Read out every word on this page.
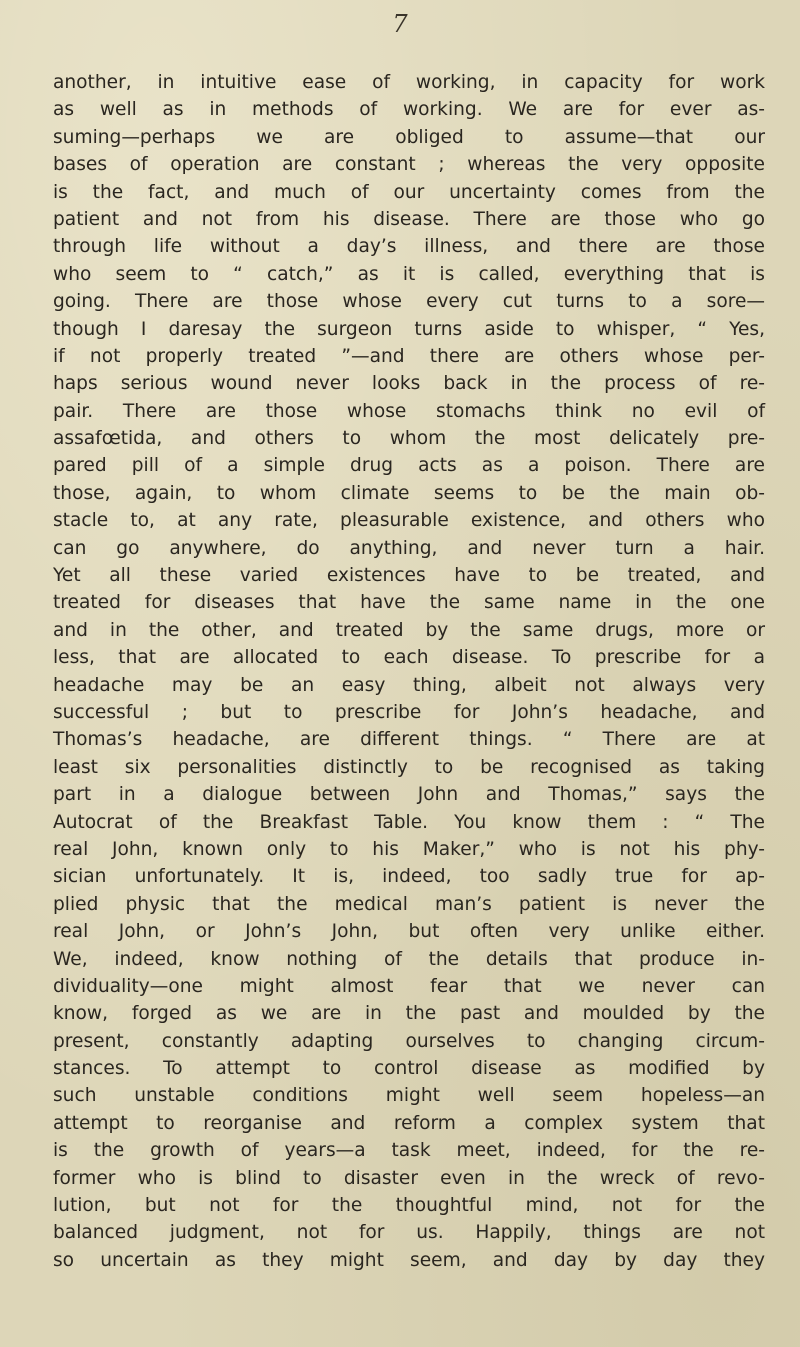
7
another, in intuitive ease of working, in capacity for work
as well as in methods of working. We are for ever as-
suming—perhaps we are obliged to assume—that our
bases of operation are constant ; whereas the very opposite
is the fact, and much of our uncertainty comes from the
patient and not from his disease. There are those who go
through life without a day’s illness, and there are those
who seem to “ catch,” as it is called, everything that is
going. There are those whose every cut turns to a sore—
though I daresay the surgeon turns aside to whisper, “ Yes,
if not properly treated ”—and there are others whose per-
haps serious wound never looks back in the process of re-
pair. There are those whose stomachs think no evil of
assafœtida, and others to whom the most delicately pre-
pared pill of a simple drug acts as a poison. There are
those, again, to whom climate seems to be the main ob-
stacle to, at any rate, pleasurable existence, and others who
can go anywhere, do anything, and never turn a hair.
Yet all these varied existences have to be treated, and
treated for diseases that have the same name in the one
and in the other, and treated by the same drugs, more or
less, that are allocated to each disease. To prescribe for a
headache may be an easy thing, albeit not always very
successful ; but to prescribe for John’s headache, and
Thomas’s headache, are different things. “ There are at
least six personalities distinctly to be recognised as taking
part in a dialogue between John and Thomas,” says the
Autocrat of the Breakfast Table. You know them : “ The
real John, known only to his Maker,” who is not his phy-
sician unfortunately. It is, indeed, too sadly true for ap-
plied physic that the medical man’s patient is never the
real John, or John’s John, but often very unlike either.
We, indeed, know nothing of the details that produce in-
dividuality—one might almost fear that we never can
know, forged as we are in the past and moulded by the
present, constantly adapting ourselves to changing circum-
stances. To attempt to control disease as modified by
such unstable conditions might well seem hopeless—an
attempt to reorganise and reform a complex system that
is the growth of years—a task meet, indeed, for the re-
former who is blind to disaster even in the wreck of revo-
lution, but not for the thoughtful mind, not for the
balanced judgment, not for us. Happily, things are not
so uncertain as they might seem, and day by day they
